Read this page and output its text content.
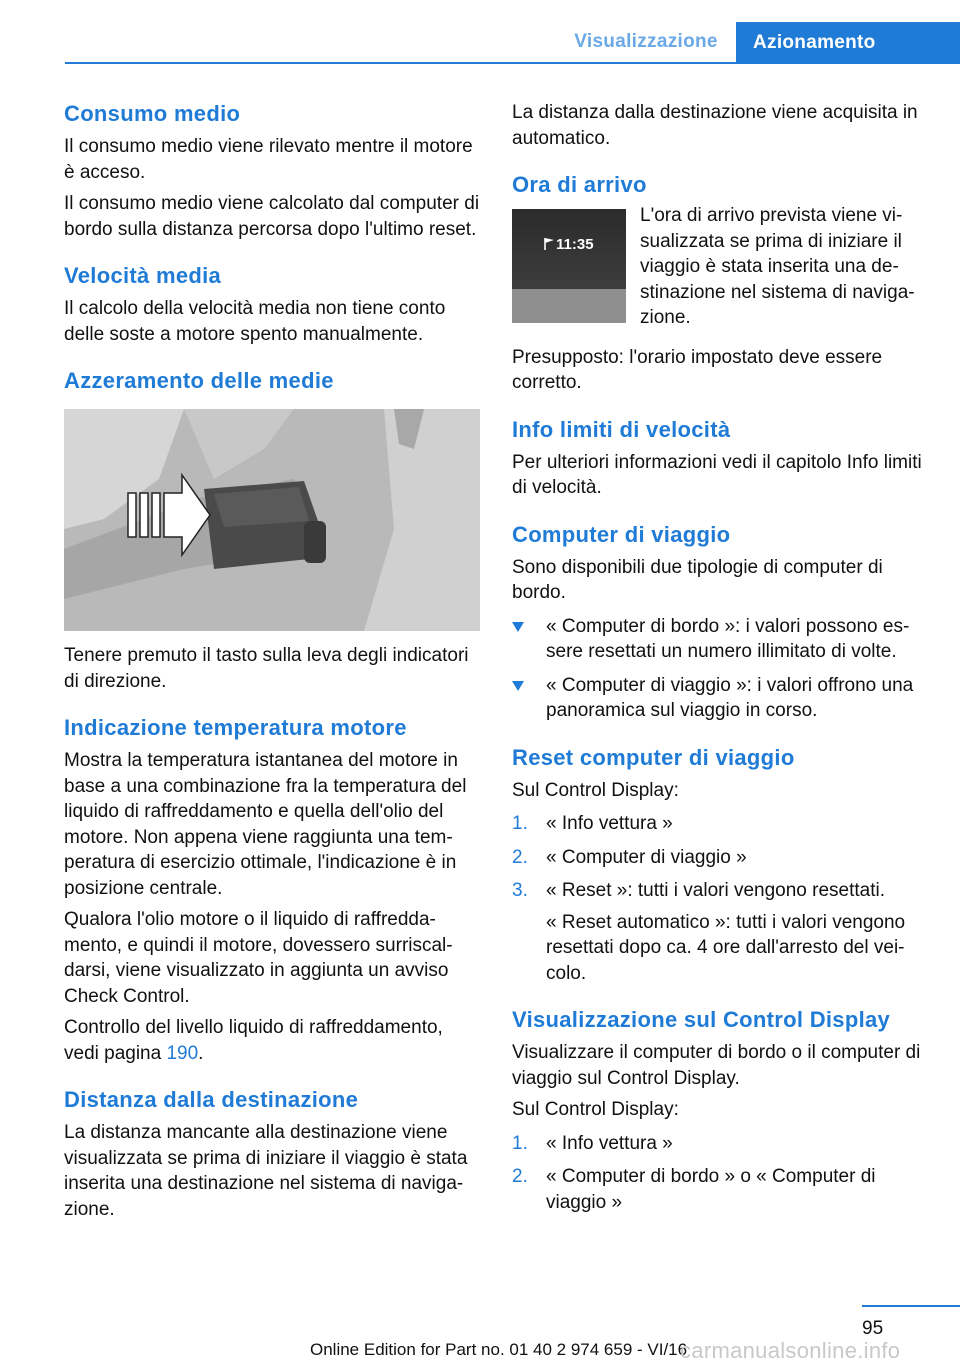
Visualizzazione	Azionamento
Consumo medio

Il consumo medio viene rilevato mentre il motore è acceso.

Il consumo medio viene calcolato dal computer di bordo sulla distanza percorsa dopo l'ultimo reset.

Velocità media

Il calcolo della velocità media non tiene conto delle soste a motore spento manualmente.

Azzeramento delle medie

Tenere premuto il tasto sulla leva degli indicatori di direzione.

Indicazione temperatura motore

Mostra la temperatura istantanea del motore in base a una combinazione fra la temperatura del liquido di raffreddamento e quella dell'olio del motore. Non appena viene raggiunta una temperatura di esercizio ottimale, l'indicazione è in posizione centrale.

Qualora l'olio motore o il liquido di raffreddamento, e quindi il motore, dovessero surriscaldarsi, viene visualizzato in aggiunta un avviso Check Control.

Controllo del livello liquido di raffreddamento, vedi pagina 190.

Distanza dalla destinazione

La distanza mancante alla destinazione viene visualizzata se prima di iniziare il viaggio è stata inserita una destinazione nel sistema di navigazione.

La distanza dalla destinazione viene acquisita in automatico.

Ora di arrivo
11:35

L'ora di arrivo prevista viene visualizzata se prima di iniziare il viaggio è stata inserita una destinazione nel sistema di navigazione.

Presupposto: l'orario impostato deve essere corretto.

Info limiti di velocità

Per ulteriori informazioni vedi il capitolo Info limiti di velocità.

Computer di viaggio

Sono disponibili due tipologie di computer di bordo.

« Computer di bordo »: i valori possono essere resettati un numero illimitato di volte.
« Computer di viaggio »: i valori offrono una panoramica sul viaggio in corso.
Reset computer di viaggio

Sul Control Display:

1. « Info vettura »
2. « Computer di viaggio »
3. « Reset »: tutti i valori vengono resettati.
« Reset automatico »: tutti i valori vengono resettati dopo ca. 4 ore dall'arresto del veicolo.
Visualizzazione sul Control Display

Visualizzare il computer di bordo o il computer di viaggio sul Control Display.

Sul Control Display:

1. « Info vettura »
2. « Computer di bordo » o « Computer di viaggio »
95
Online Edition for Part no. 01 40 2 974 659 - VI/16
carmanualsonline.info
